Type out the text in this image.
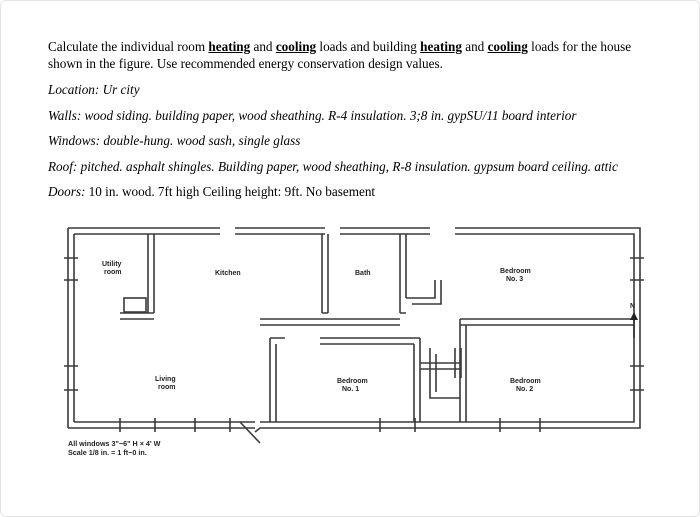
Calculate the individual room heating and cooling loads and building heating and cooling loads for the house shown in the figure. Use recommended energy conservation design values.

Location: Ur city

Walls: wood siding. building paper, wood sheathing. R-4 insulation. 3;8 in. gypSU/11 board interior

Windows: double-hung. wood sash, single glass

Roof: pitched. asphalt shingles. Building paper, wood sheathing, R-8 insulation. gypsum board ceiling. attic

Doors: 10 in. wood. 7ft high Ceiling height: 9ft. No basement

Utility
room	Kitchen	Bath	Bedroom
No. 3
Living
room
Bedroom
No. 1
Bedroom
No. 2
All windows 3"−6" H × 4' W
Scale 1/8 in. = 1 ft−0 in.
N
